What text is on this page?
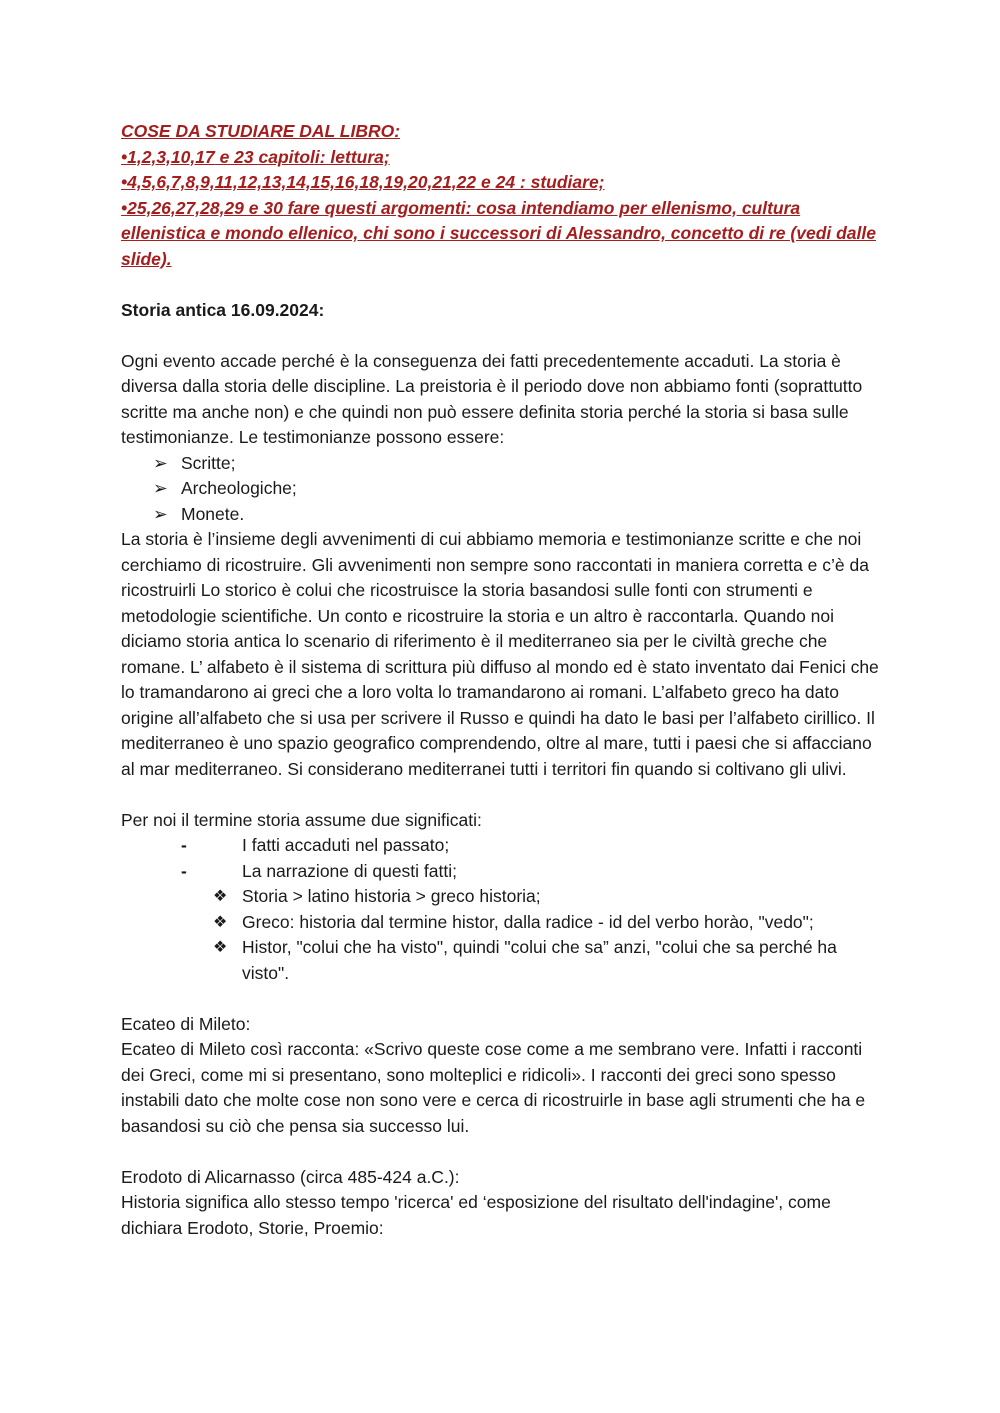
COSE DA STUDIARE DAL LIBRO:

•1,2,3,10,17 e 23 capitoli: lettura;

•4,5,6,7,8,9,11,12,13,14,15,16,18,19,20,21,22 e 24 : studiare;

•25,26,27,28,29 e 30 fare questi argomenti: cosa intendiamo per ellenismo, cultura ellenistica e mondo ellenico, chi sono i successori di Alessandro, concetto di re (vedi dalle slide).

Storia antica 16.09.2024:

Ogni evento accade perché è la conseguenza dei fatti precedentemente accaduti. La storia è diversa dalla storia delle discipline. La preistoria è il periodo dove non abbiamo fonti (soprattutto scritte ma anche non) e che quindi non può essere definita storia perché la storia si basa sulle testimonianze. Le testimonianze possono essere:

➢ Scritte;
➢ Archeologiche;
➢ Monete.

La storia è l’insieme degli avvenimenti di cui abbiamo memoria e testimonianze scritte e che noi cerchiamo di ricostruire. Gli avvenimenti non sempre sono raccontati in maniera corretta e c’è da ricostruirli Lo storico è colui che ricostruisce la storia basandosi sulle fonti con strumenti e metodologie scientifiche. Un conto e ricostruire la storia e un altro è raccontarla. Quando noi diciamo storia antica lo scenario di riferimento è il mediterraneo sia per le civiltà greche che romane. L’ alfabeto è il sistema di scrittura più diffuso al mondo ed è stato inventato dai Fenici che lo tramandarono ai greci che a loro volta lo tramandarono ai romani. L’alfabeto greco ha dato origine all’alfabeto che si usa per scrivere il Russo e quindi ha dato le basi per l’alfabeto cirillico. Il mediterraneo è uno spazio geografico comprendendo, oltre al mare, tutti i paesi che si affacciano al mar mediterraneo. Si considerano mediterranei tutti i territori fin quando si coltivano gli ulivi.

Per noi il termine storia assume due significati:

-	I fatti accaduti nel passato;
-	La narrazione di questi fatti;
❖ Storia > latino historia > greco historia;
❖ Greco: historia dal termine histor, dalla radice - id del verbo horào, "vedo";
❖ Histor, "colui che ha visto", quindi "colui che sa” anzi, "colui che sa perché ha visto".

Ecateo di Mileto:

Ecateo di Mileto così racconta: «Scrivo queste cose come a me sembrano vere. Infatti i racconti dei Greci, come mi si presentano, sono molteplici e ridicoli». I racconti dei greci sono spesso instabili dato che molte cose non sono vere e cerca di ricostruirle in base agli strumenti che ha e basandosi su ciò che pensa sia successo lui.

Erodoto di Alicarnasso (circa 485-424 a.C.):

Historia significa allo stesso tempo 'ricerca' ed ‘esposizione del risultato dell'indagine', come dichiara Erodoto, Storie, Proemio:
